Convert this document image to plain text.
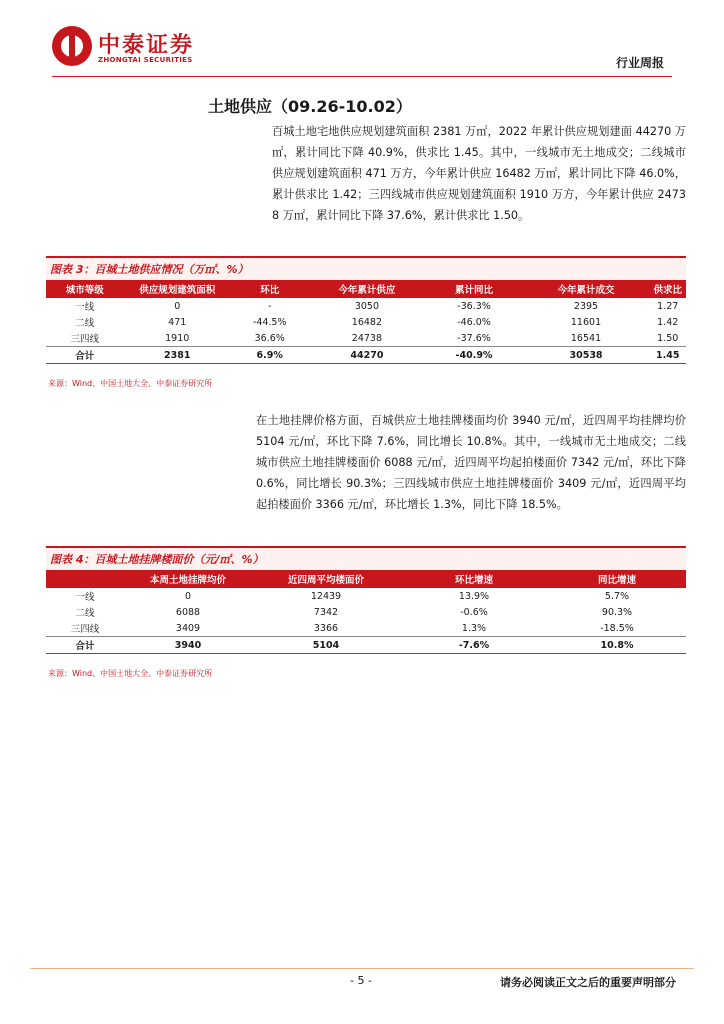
中泰证券
ZHONGTAI SECURITIES	行业周报
土地供应（09.26-10.02）
百城土地宅地供应规划建筑面积 2381 万㎡，2022 年累计供应规划建面 44270 万㎡，累计同比下降 40.9%，供求比 1.45。其中，一线城市无土地成交；二线城市供应规划建筑面积 471 万方，今年累计供应 16482 万㎡，累计同比下降 46.0%，累计供求比 1.42；三四线城市供应规划建筑面积 1910 万方，今年累计供应 24738 万㎡，累计同比下降 37.6%，累计供求比 1.50。
图表 3：百城土地供应情况（万㎡、%）
城市等级	供应规划建筑面积	环比	今年累计供应	累计同比	今年累计成交	供求比
一线	0	-	3050	-36.3%	2395	1.27
二线	471	-44.5%	16482	-46.0%	11601	1.42
三四线	1910	36.6%	24738	-37.6%	16541	1.50
合计	2381	6.9%	44270	-40.9%	30538	1.45
来源：Wind、中国土地大全、中泰证券研究所
在土地挂牌价格方面，百城供应土地挂牌楼面均价 3940 元/㎡，近四周平均挂牌均价 5104 元/㎡，环比下降 7.6%，同比增长 10.8%。其中，一线城市无土地成交；二线城市供应土地挂牌楼面价 6088 元/㎡，近四周平均起拍楼面价 7342 元/㎡，环比下降 0.6%，同比增长 90.3%；三四线城市供应土地挂牌楼面价 3409 元/㎡，近四周平均起拍楼面价 3366 元/㎡，环比增长 1.3%，同比下降 18.5%。
图表 4：百城土地挂牌楼面价（元/㎡、%）
	本周土地挂牌均价	近四周平均楼面价	环比增速	同比增速
一线	0	12439	13.9%	5.7%
二线	6088	7342	-0.6%	90.3%
三四线	3409	3366	1.3%	-18.5%
合计	3940	5104	-7.6%	10.8%
来源：Wind、中国土地大全、中泰证券研究所
- 5 -	请务必阅读正文之后的重要声明部分
